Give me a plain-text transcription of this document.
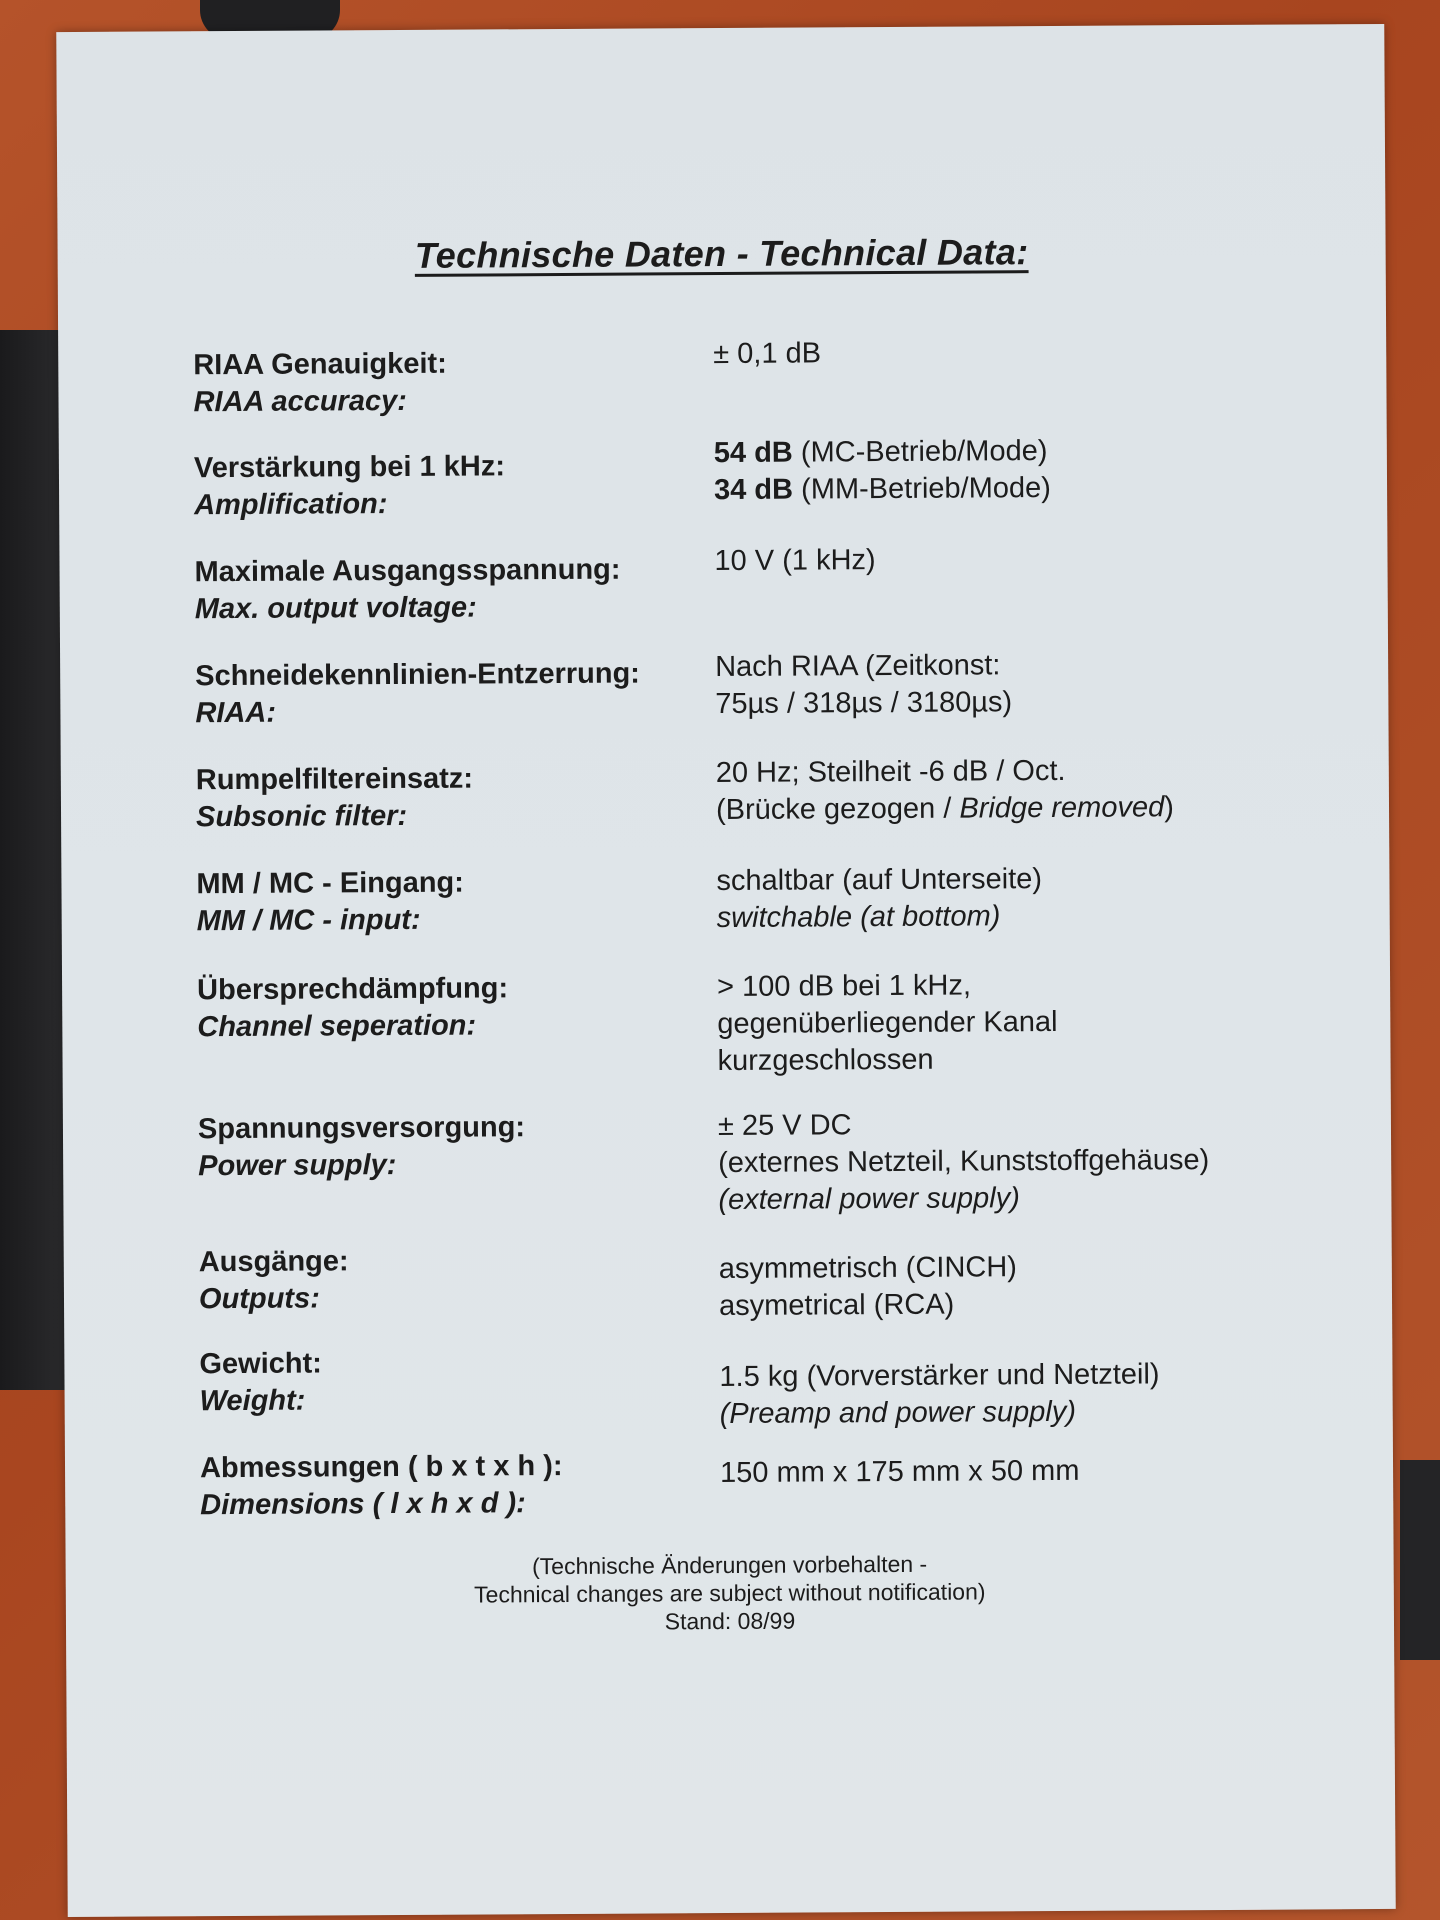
Technische Daten - Technical Data:
RIAA Genauigkeit:
RIAA accuracy:
± 0,1 dB
Verstärkung bei 1 kHz:
Amplification:
54 dB (MC-Betrieb/Mode)
34 dB (MM-Betrieb/Mode)
Maximale Ausgangsspannung:
Max. output voltage:
10 V (1 kHz)
Schneidekennlinien-Entzerrung:
RIAA:
Nach RIAA (Zeitkonst:
75µs / 318µs / 3180µs)
Rumpelfiltereinsatz:
Subsonic filter:
20 Hz; Steilheit -6 dB / Oct.
(Brücke gezogen / Bridge removed)
MM / MC - Eingang:
MM / MC - input:
schaltbar (auf Unterseite)
switchable (at bottom)
Übersprechdämpfung:
Channel seperation:
> 100 dB bei 1 kHz,
gegenüberliegender Kanal
kurzgeschlossen
Spannungsversorgung:
Power supply:
± 25 V DC
(externes Netzteil, Kunststoffgehäuse)
(external power supply)
Ausgänge:
Outputs:
asymmetrisch (CINCH)
asymetrical (RCA)
Gewicht:
Weight:
1.5 kg (Vorverstärker und Netzteil)
(Preamp and power supply)
Abmessungen ( b x t x h ):
Dimensions ( l x h x d ):
150 mm x 175 mm x 50 mm
(Technische Änderungen vorbehalten -
Technical changes are subject without notification)
Stand: 08/99
